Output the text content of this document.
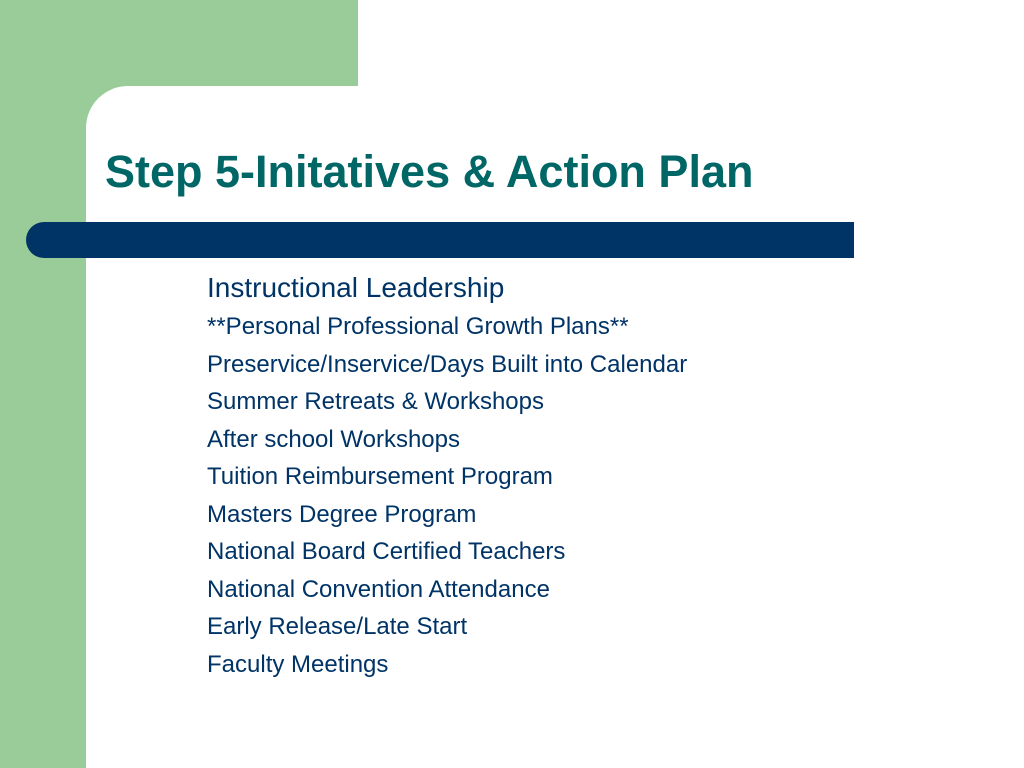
Step 5-Initatives & Action Plan
Instructional Leadership
**Personal Professional Growth Plans**
Preservice/Inservice/Days Built into Calendar
Summer Retreats & Workshops
After school Workshops
Tuition Reimbursement Program
Masters Degree Program
National Board Certified Teachers
National Convention Attendance
Early Release/Late Start
Faculty Meetings
